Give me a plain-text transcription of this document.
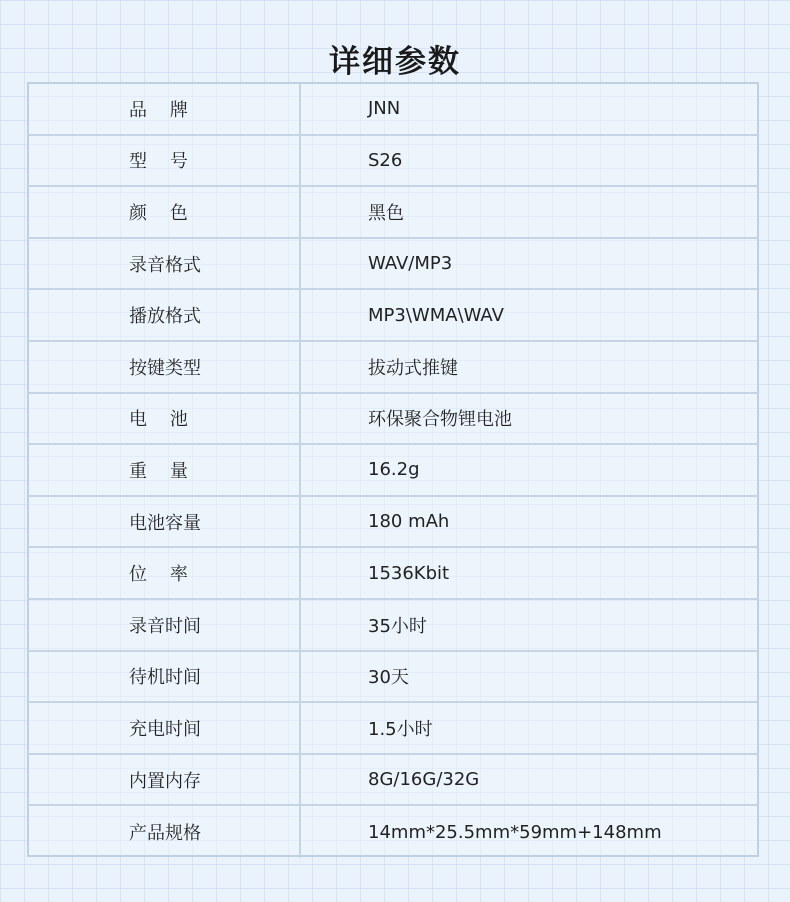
详细参数
品    牌	JNN
型    号	S26
颜    色	黑色
录音格式	WAV/MP3
播放格式	MP3\WMA\WAV
按键类型	拔动式推键
电    池	环保聚合物锂电池
重    量	16.2g
电池容量	180 mAh
位    率	1536Kbit
录音时间	35小时
待机时间	30天
充电时间	1.5小时
内置内存	8G/16G/32G
产品规格	14mm*25.5mm*59mm+148mm
